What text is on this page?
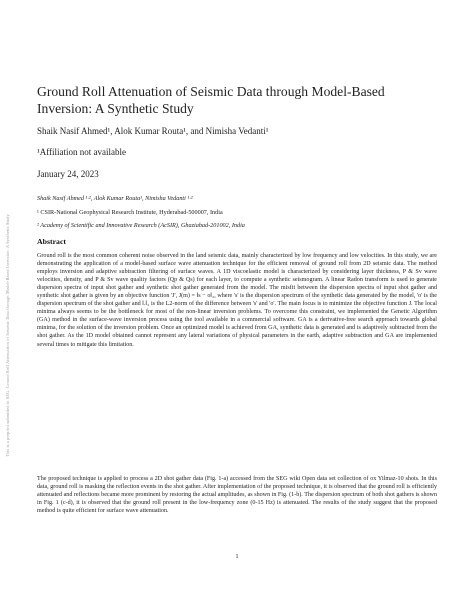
This is a preprint submitted to SEG. Ground Roll Attenuation of Seismic Data through Model-Based Inversion: A Synthetic Study
Ground Roll Attenuation of Seismic Data through Model-Based Inversion: A Synthetic Study
Shaik Nasif Ahmed¹, Alok Kumar Routa¹, and Nimisha Vedanti¹
¹Affiliation not available
January 24, 2023
Shaik Nasif Ahmed ¹·², Alok Kumar Routa¹, Nimisha Vedanti ¹·²
¹ CSIR-National Geophysical Research Institute, Hyderabad-500007, India
² Academy of Scientific and Innovative Research (AcSIR), Ghaziabad-201002, India
Abstract
Ground roll is the most common coherent noise observed in the land seismic data, mainly characterized by low frequency and low velocities. In this study, we are demonstrating the application of a model-based surface wave attenuation technique for the efficient removal of ground roll from 2D seismic data. The method employs inversion and adaptive subtraction filtering of surface waves. A 1D viscoelastic model is characterized by considering layer thickness, P & Sv wave velocities, density, and P & Sv wave quality factors (Qp & Qs) for each layer, to compute a synthetic seismogram. A linear Radon transform is used to generate dispersion spectra of input shot gather and synthetic shot gather generated from the model. The misfit between the dispersion spectra of input shot gather and synthetic shot gather is given by an objective function 'J', J(m) = ‖s − o‖₂, where 's' is the dispersion spectrum of the synthetic data generated by the model, 'o' is the dispersion spectrum of the shot gather and ‖.‖₂ is the L2-norm of the difference between 's' and 'o'. The main focus is to minimize the objective function J. The local minima always seems to be the bottleneck for most of the non-linear inversion problems. To overcome this constraint, we implemented the Genetic Algorithm (GA) method in the surface-wave inversion process using the tool available in a commercial software. GA is a derivative-free search approach towards global minima, for the solution of the inversion problem. Once an optimized model is achieved from GA, synthetic data is generated and is adaptively subtracted from the shot gather. As the 1D model obtained cannot represent any lateral variations of physical parameters in the earth, adaptive subtraction and GA are implemented several times to mitigate this limitation.
The proposed technique is applied to process a 2D shot gather data (Fig. 1-a) accessed from the SEG wiki Open data set collection of ox Yilmaz-10 shots. In this data, ground roll is masking the reflection events in the shot gather. After implementation of the proposed technique, it is observed that the ground roll is efficiently attenuated and reflections became more prominent by restoring the actual amplitudes, as shown in Fig. (1-b). The dispersion spectrum of both shot gathers is shown in Fig. 1 (c-d), it is observed that the ground roll present in the low-frequency zone (0-15 Hz) is attenuated. The results of the study suggest that the proposed method is quite efficient for surface wave attenuation.
1
